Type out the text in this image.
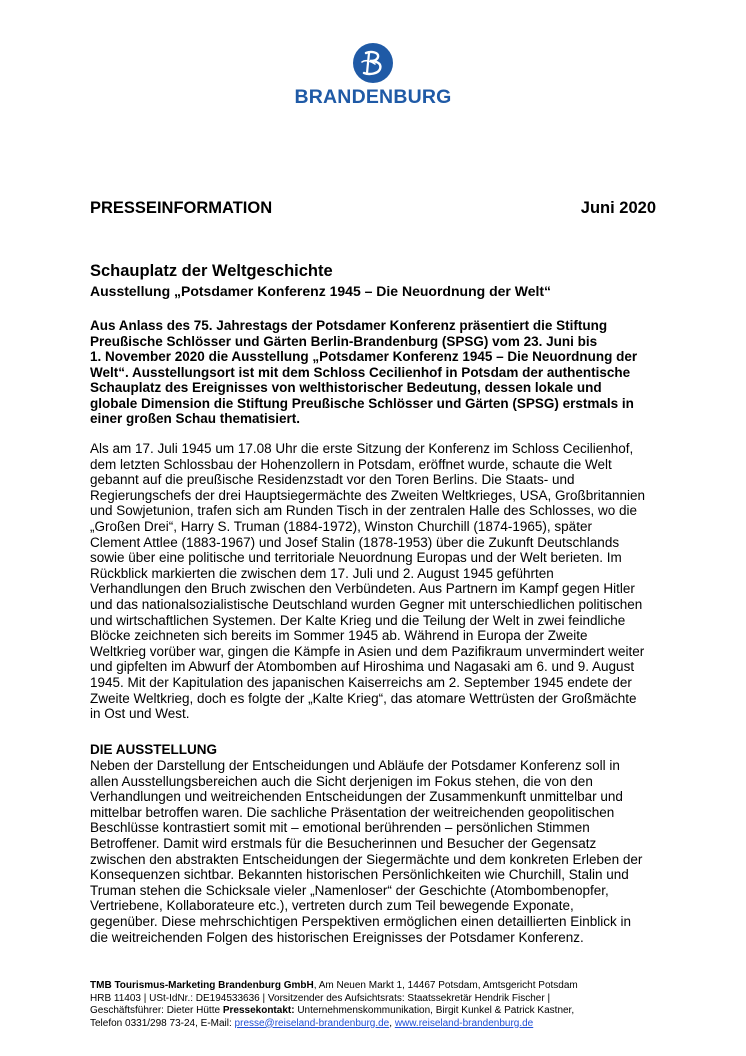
BRANDENBURG
PRESSEINFORMATION	Juni 2020
Schauplatz der Weltgeschichte
Ausstellung „Potsdamer Konferenz 1945 – Die Neuordnung der Welt“
Aus Anlass des 75. Jahrestags der Potsdamer Konferenz präsentiert die Stiftung
Preußische Schlösser und Gärten Berlin-Brandenburg (SPSG) vom 23. Juni bis
1. November 2020 die Ausstellung „Potsdamer Konferenz 1945 – Die Neuordnung der
Welt“. Ausstellungsort ist mit dem Schloss Cecilienhof in Potsdam der authentische
Schauplatz des Ereignisses von welthistorischer Bedeutung, dessen lokale und
globale Dimension die Stiftung Preußische Schlösser und Gärten (SPSG) erstmals in
einer großen Schau thematisiert.
Als am 17. Juli 1945 um 17.08 Uhr die erste Sitzung der Konferenz im Schloss Cecilienhof,
dem letzten Schlossbau der Hohenzollern in Potsdam, eröffnet wurde, schaute die Welt
gebannt auf die preußische Residenzstadt vor den Toren Berlins. Die Staats- und
Regierungschefs der drei Hauptsiegermächte des Zweiten Weltkrieges, USA, Großbritannien
und Sowjetunion, trafen sich am Runden Tisch in der zentralen Halle des Schlosses, wo die
„Großen Drei“, Harry S. Truman (1884-1972), Winston Churchill (1874-1965), später
Clement Attlee (1883-1967) und Josef Stalin (1878-1953) über die Zukunft Deutschlands
sowie über eine politische und territoriale Neuordnung Europas und der Welt berieten. Im
Rückblick markierten die zwischen dem 17. Juli und 2. August 1945 geführten
Verhandlungen den Bruch zwischen den Verbündeten. Aus Partnern im Kampf gegen Hitler
und das nationalsozialistische Deutschland wurden Gegner mit unterschiedlichen politischen
und wirtschaftlichen Systemen. Der Kalte Krieg und die Teilung der Welt in zwei feindliche
Blöcke zeichneten sich bereits im Sommer 1945 ab. Während in Europa der Zweite
Weltkrieg vorüber war, gingen die Kämpfe in Asien und dem Pazifikraum unvermindert weiter
und gipfelten im Abwurf der Atombomben auf Hiroshima und Nagasaki am 6. und 9. August
1945. Mit der Kapitulation des japanischen Kaiserreichs am 2. September 1945 endete der
Zweite Weltkrieg, doch es folgte der „Kalte Krieg“, das atomare Wettrüsten der Großmächte
in Ost und West.
DIE AUSSTELLUNG
Neben der Darstellung der Entscheidungen und Abläufe der Potsdamer Konferenz soll in
allen Ausstellungsbereichen auch die Sicht derjenigen im Fokus stehen, die von den
Verhandlungen und weitreichenden Entscheidungen der Zusammenkunft unmittelbar und
mittelbar betroffen waren. Die sachliche Präsentation der weitreichenden geopolitischen
Beschlüsse kontrastiert somit mit – emotional berührenden – persönlichen Stimmen
Betroffener. Damit wird erstmals für die Besucherinnen und Besucher der Gegensatz
zwischen den abstrakten Entscheidungen der Siegermächte und dem konkreten Erleben der
Konsequenzen sichtbar. Bekannten historischen Persönlichkeiten wie Churchill, Stalin und
Truman stehen die Schicksale vieler „Namenloser“ der Geschichte (Atombombenopfer,
Vertriebene, Kollaborateure etc.), vertreten durch zum Teil bewegende Exponate,
gegenüber. Diese mehrschichtigen Perspektiven ermöglichen einen detaillierten Einblick in
die weitreichenden Folgen des historischen Ereignisses der Potsdamer Konferenz.
TMB Tourismus-Marketing Brandenburg GmbH, Am Neuen Markt 1, 14467 Potsdam, Amtsgericht Potsdam
HRB 11403 | USt-IdNr.: DE194533636 | Vorsitzender des Aufsichtsrats: Staatssekretär Hendrik Fischer |
Geschäftsführer: Dieter Hütte Pressekontakt: Unternehmenskommunikation, Birgit Kunkel & Patrick Kastner,
Telefon 0331/298 73-24, E-Mail: presse@reiseland-brandenburg.de, www.reiseland-brandenburg.de
